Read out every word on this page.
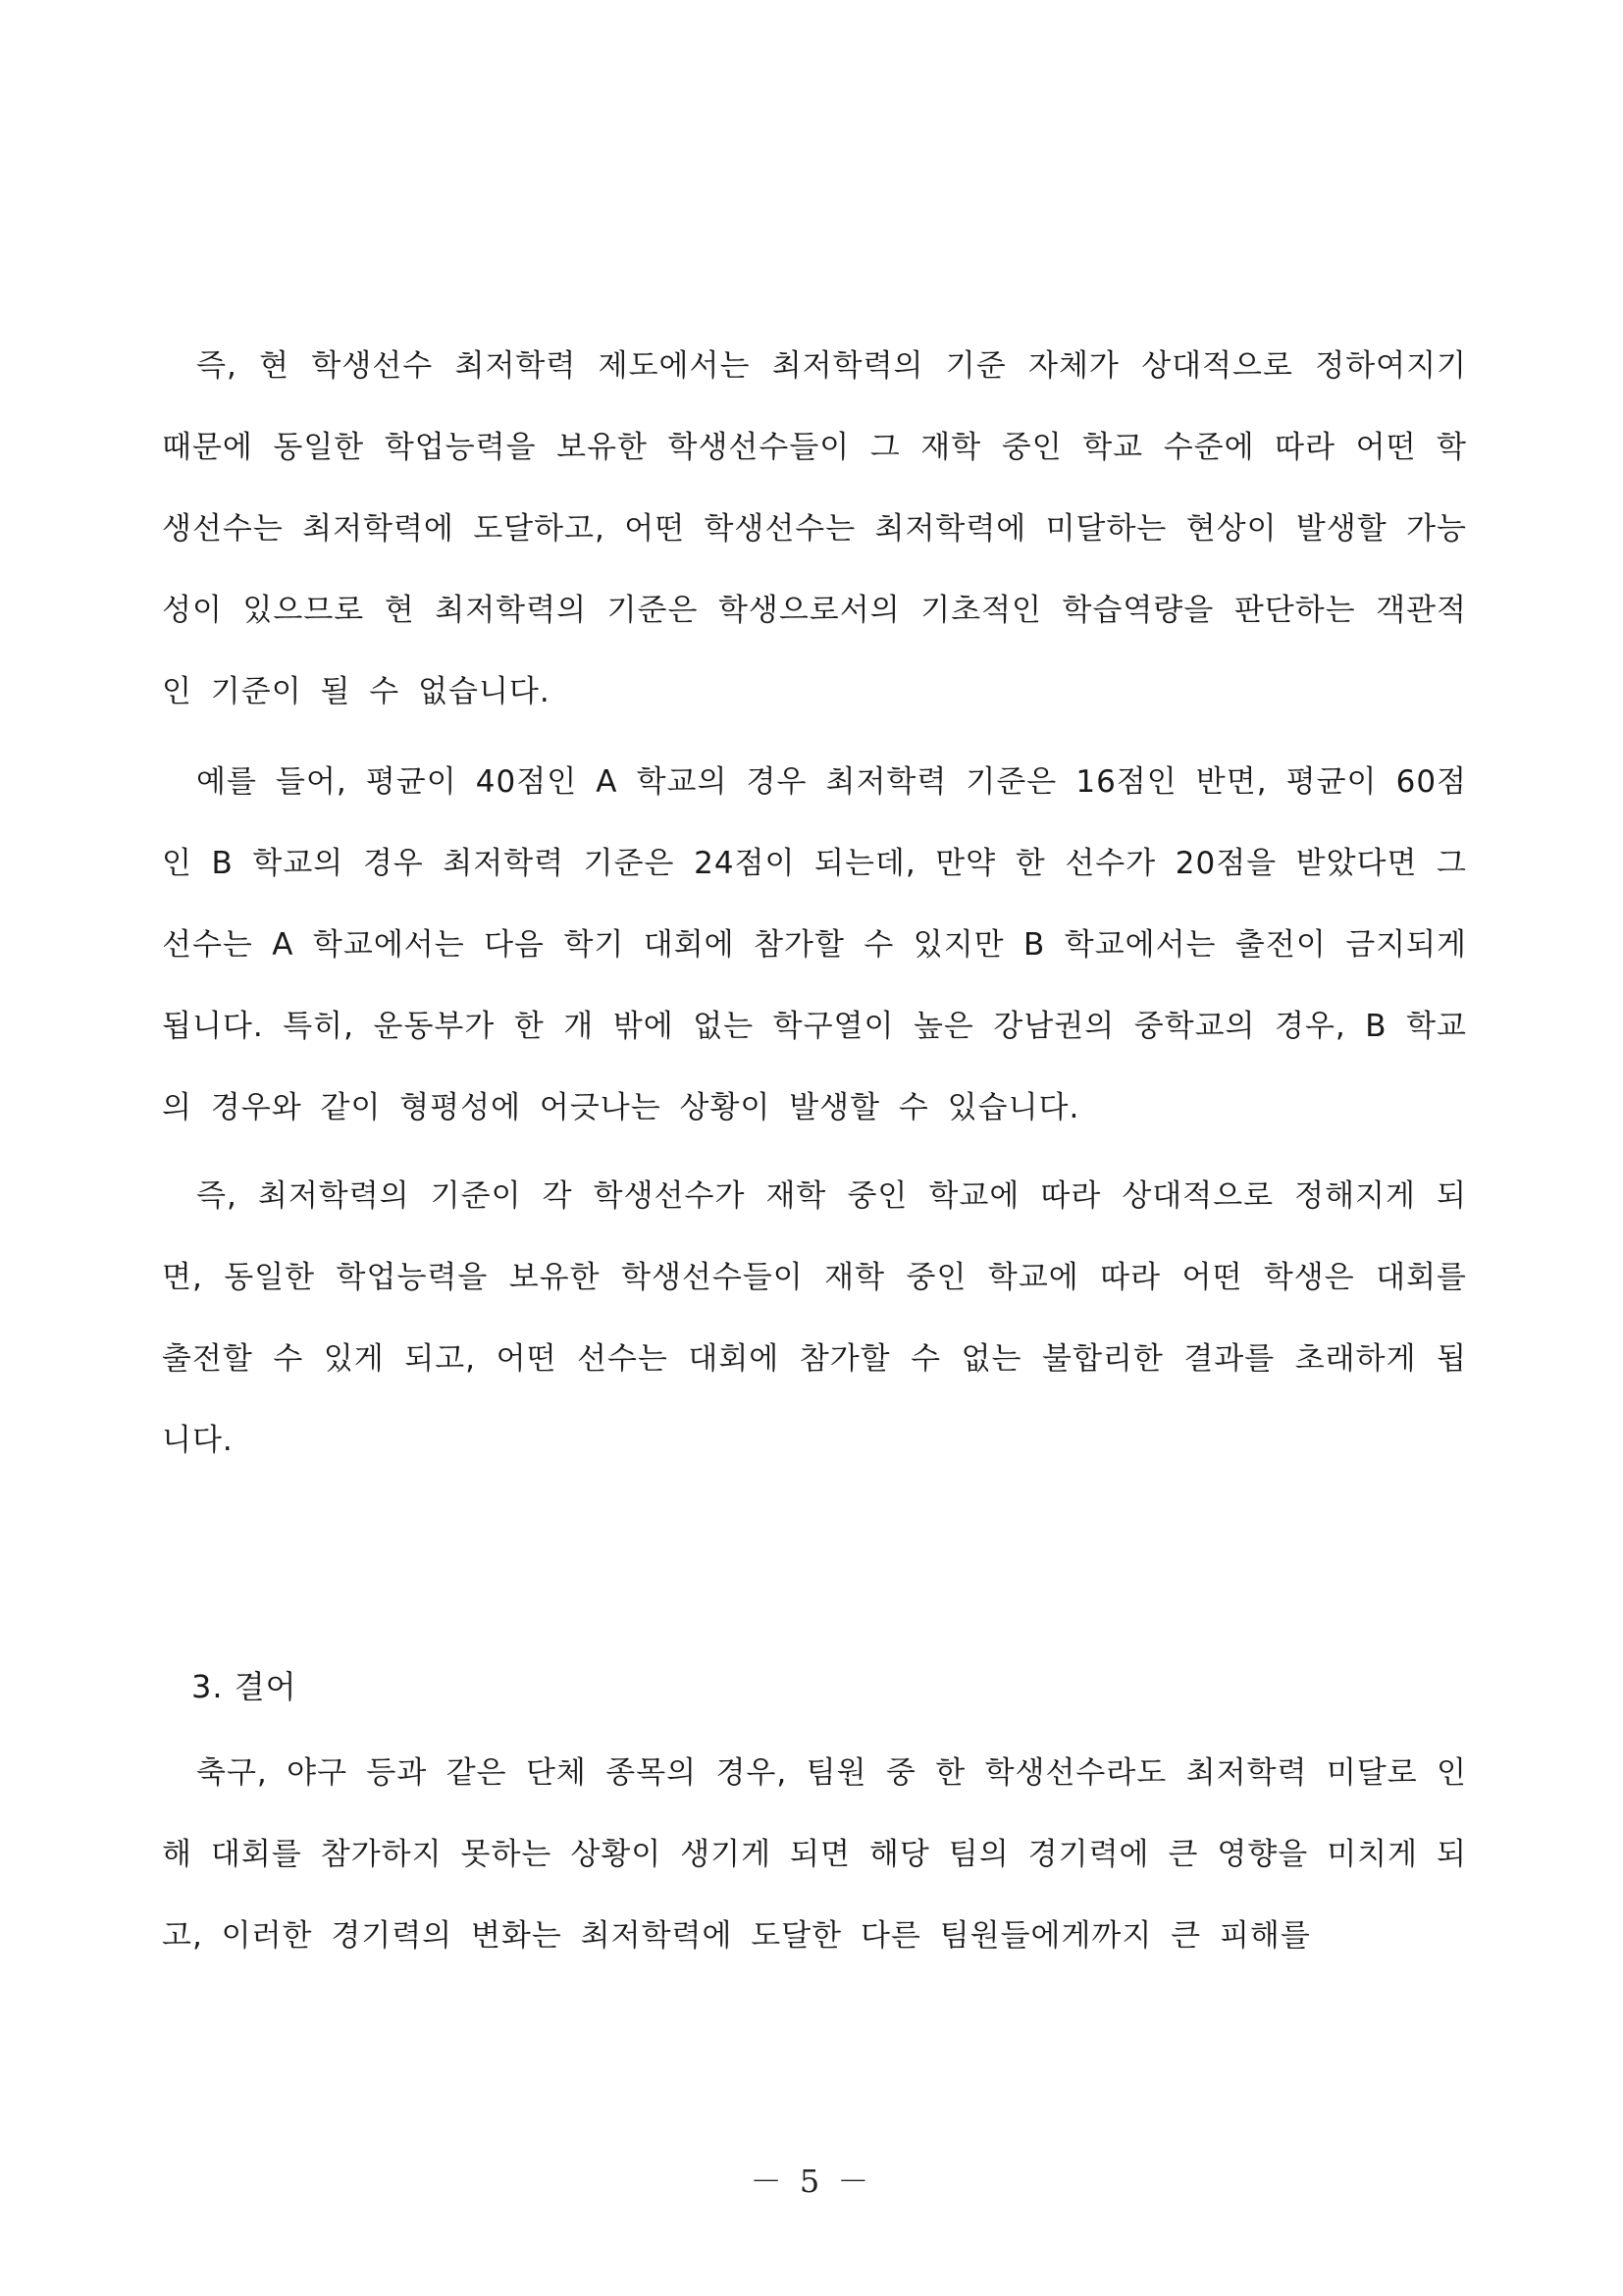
즉, 현 학생선수 최저학력 제도에서는 최저학력의 기준 자체가 상대적으로 정하여지기 때문에 동일한 학업능력을 보유한 학생선수들이 그 재학 중인 학교 수준에 따라 어떤 학생선수는 최저학력에 도달하고, 어떤 학생선수는 최저학력에 미달하는 현상이 발생할 가능성이 있으므로 현 최저학력의 기준은 학생으로서의 기초적인 학습역량을 판단하는 객관적인 기준이 될 수 없습니다.

예를 들어, 평균이 40점인 A 학교의 경우 최저학력 기준은 16점인 반면, 평균이 60점인 B 학교의 경우 최저학력 기준은 24점이 되는데, 만약 한 선수가 20점을 받았다면 그 선수는 A 학교에서는 다음 학기 대회에 참가할 수 있지만 B 학교에서는 출전이 금지되게 됩니다. 특히, 운동부가 한 개 밖에 없는 학구열이 높은 강남권의 중학교의 경우, B 학교의 경우와 같이 형평성에 어긋나는 상황이 발생할 수 있습니다.

즉, 최저학력의 기준이 각 학생선수가 재학 중인 학교에 따라 상대적으로 정해지게 되면, 동일한 학업능력을 보유한 학생선수들이 재학 중인 학교에 따라 어떤 학생은 대회를 출전할 수 있게 되고, 어떤 선수는 대회에 참가할 수 없는 불합리한 결과를 초래하게 됩니다.

3. 결어

축구, 야구 등과 같은 단체 종목의 경우, 팀원 중 한 학생선수라도 최저학력 미달로 인해 대회를 참가하지 못하는 상황이 생기게 되면 해당 팀의 경기력에 큰 영향을 미치게 되고, 이러한 경기력의 변화는 최저학력에 도달한 다른 팀원들에게까지 큰 피해를

－ 5 －
